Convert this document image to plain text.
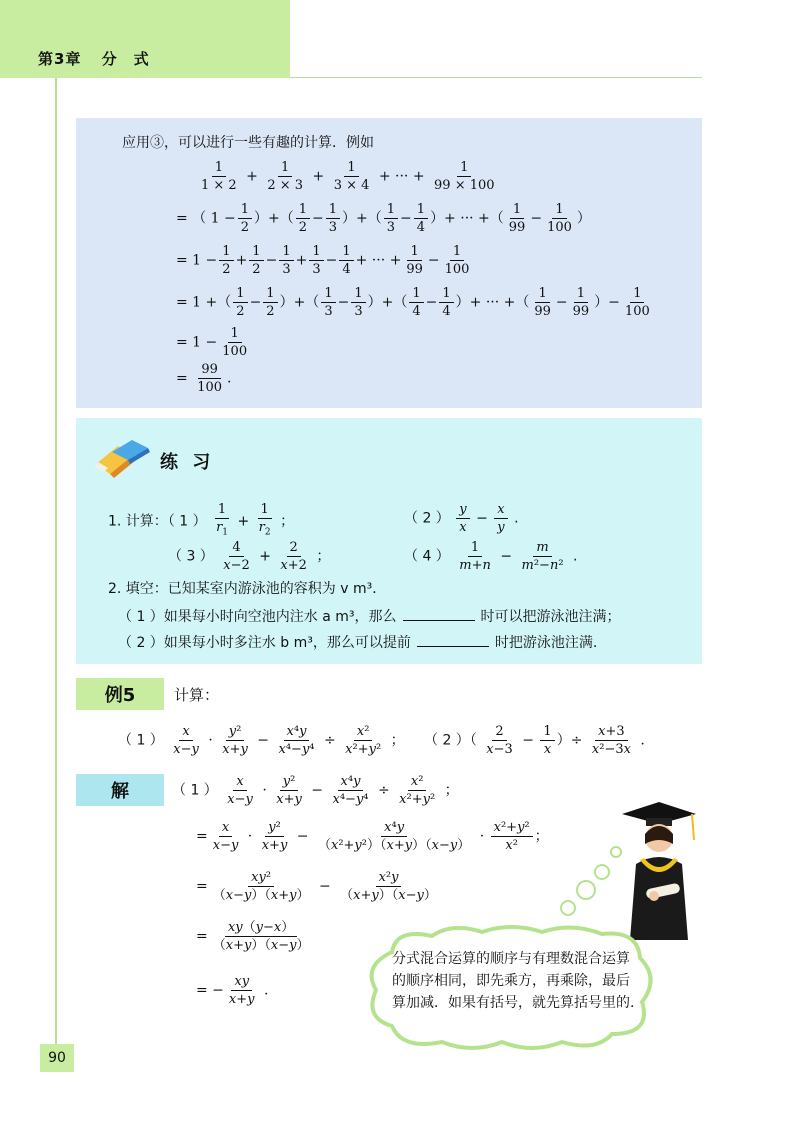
第3章 分　式
应用③，可以进行一些有趣的计算．例如
$\frac{1}{1 \times 2} + \frac{1}{2 \times 3} + \frac{1}{3 \times 4}$ + ··· + $\frac{1}{99 \times 100}$
= （ $1 - \frac{1}{2}$ ）+（ $\frac{1}{2} - \frac{1}{3}$ ）+（ $\frac{1}{3} - \frac{1}{4}$ ）+ ··· +（ $\frac{1}{99} - \frac{1}{100}$ ）
= $1 - \frac{1}{2} + \frac{1}{2} - \frac{1}{3} + \frac{1}{3} - \frac{1}{4}$ + ··· + $\frac{1}{99} - \frac{1}{100}$
= 1 +（ $\frac{1}{2} - \frac{1}{2}$ ）+（ $\frac{1}{3} - \frac{1}{3}$ ）+（ $\frac{1}{4} - \frac{1}{4}$ ）+ ··· +（ $\frac{1}{99} - \frac{1}{99}$ ）− $\frac{1}{100}$
= $1 - \frac{1}{100}$
= $\frac{99}{100}$ .
练 习
1. 计算：（ 1 ） $\frac{1}{r_1} + \frac{1}{r_2}$ ；	（ 2 ） $\frac{y}{x} - \frac{x}{y}$ .
（ 3 ） $\frac{4}{x-2} + \frac{2}{x+2}$ ；	（ 4 ） $\frac{1}{m+n} - \frac{m}{\text{m²−n²}}$ .
2. 填空：已知某室内游泳池的容积为 v m³．
（ 1 ）如果每小时向空池内注水 a m³，那么	时可以把游泳池注满；
（ 2 ）如果每小时多注水 b m³，那么可以提前	时把游泳池注满.
例5	计算：
（ 1 ） $\frac{x}{x-y} \cdot \frac{\text{y²}}{x+y} - \frac{\text{x⁴y}}{\text{x⁴−y⁴}} \div \frac{\text{x²}}{\text{x²+y²}}$ ； （ 2 ）（ $\frac{2}{x-3} - \frac{1}{x}$ ）÷ $\frac{x+3}{\text{x²−3x}}$ .
解	（ 1 ） $\frac{x}{x-y} \cdot \frac{\text{y²}}{x+y} - \frac{\text{x⁴y}}{\text{x⁴−y⁴}} \div \frac{\text{x²}}{\text{x²+y²}}$ ；
= $\frac{x}{x-y} \cdot \frac{\text{y²}}{x+y} - \frac{\text{x⁴y}}{\text{（x²+y²）（x+y）（x−y）}} \cdot \frac{\text{x²+y²}}{\text{x²}}$ ；
= $\frac{\text{xy²}}{(x-y)(x+y)} - \frac{\text{x²y}}{(x+y)(x-y)}$
= $\frac{xy(y-x)}{(x+y)(x-y)}$
= − $\frac{xy}{x+y}$ .
分式混合运算的顺序与有理数混合运算的顺序相同，即先乘方，再乘除，最后算加减．如果有括号，就先算括号里的.
90
